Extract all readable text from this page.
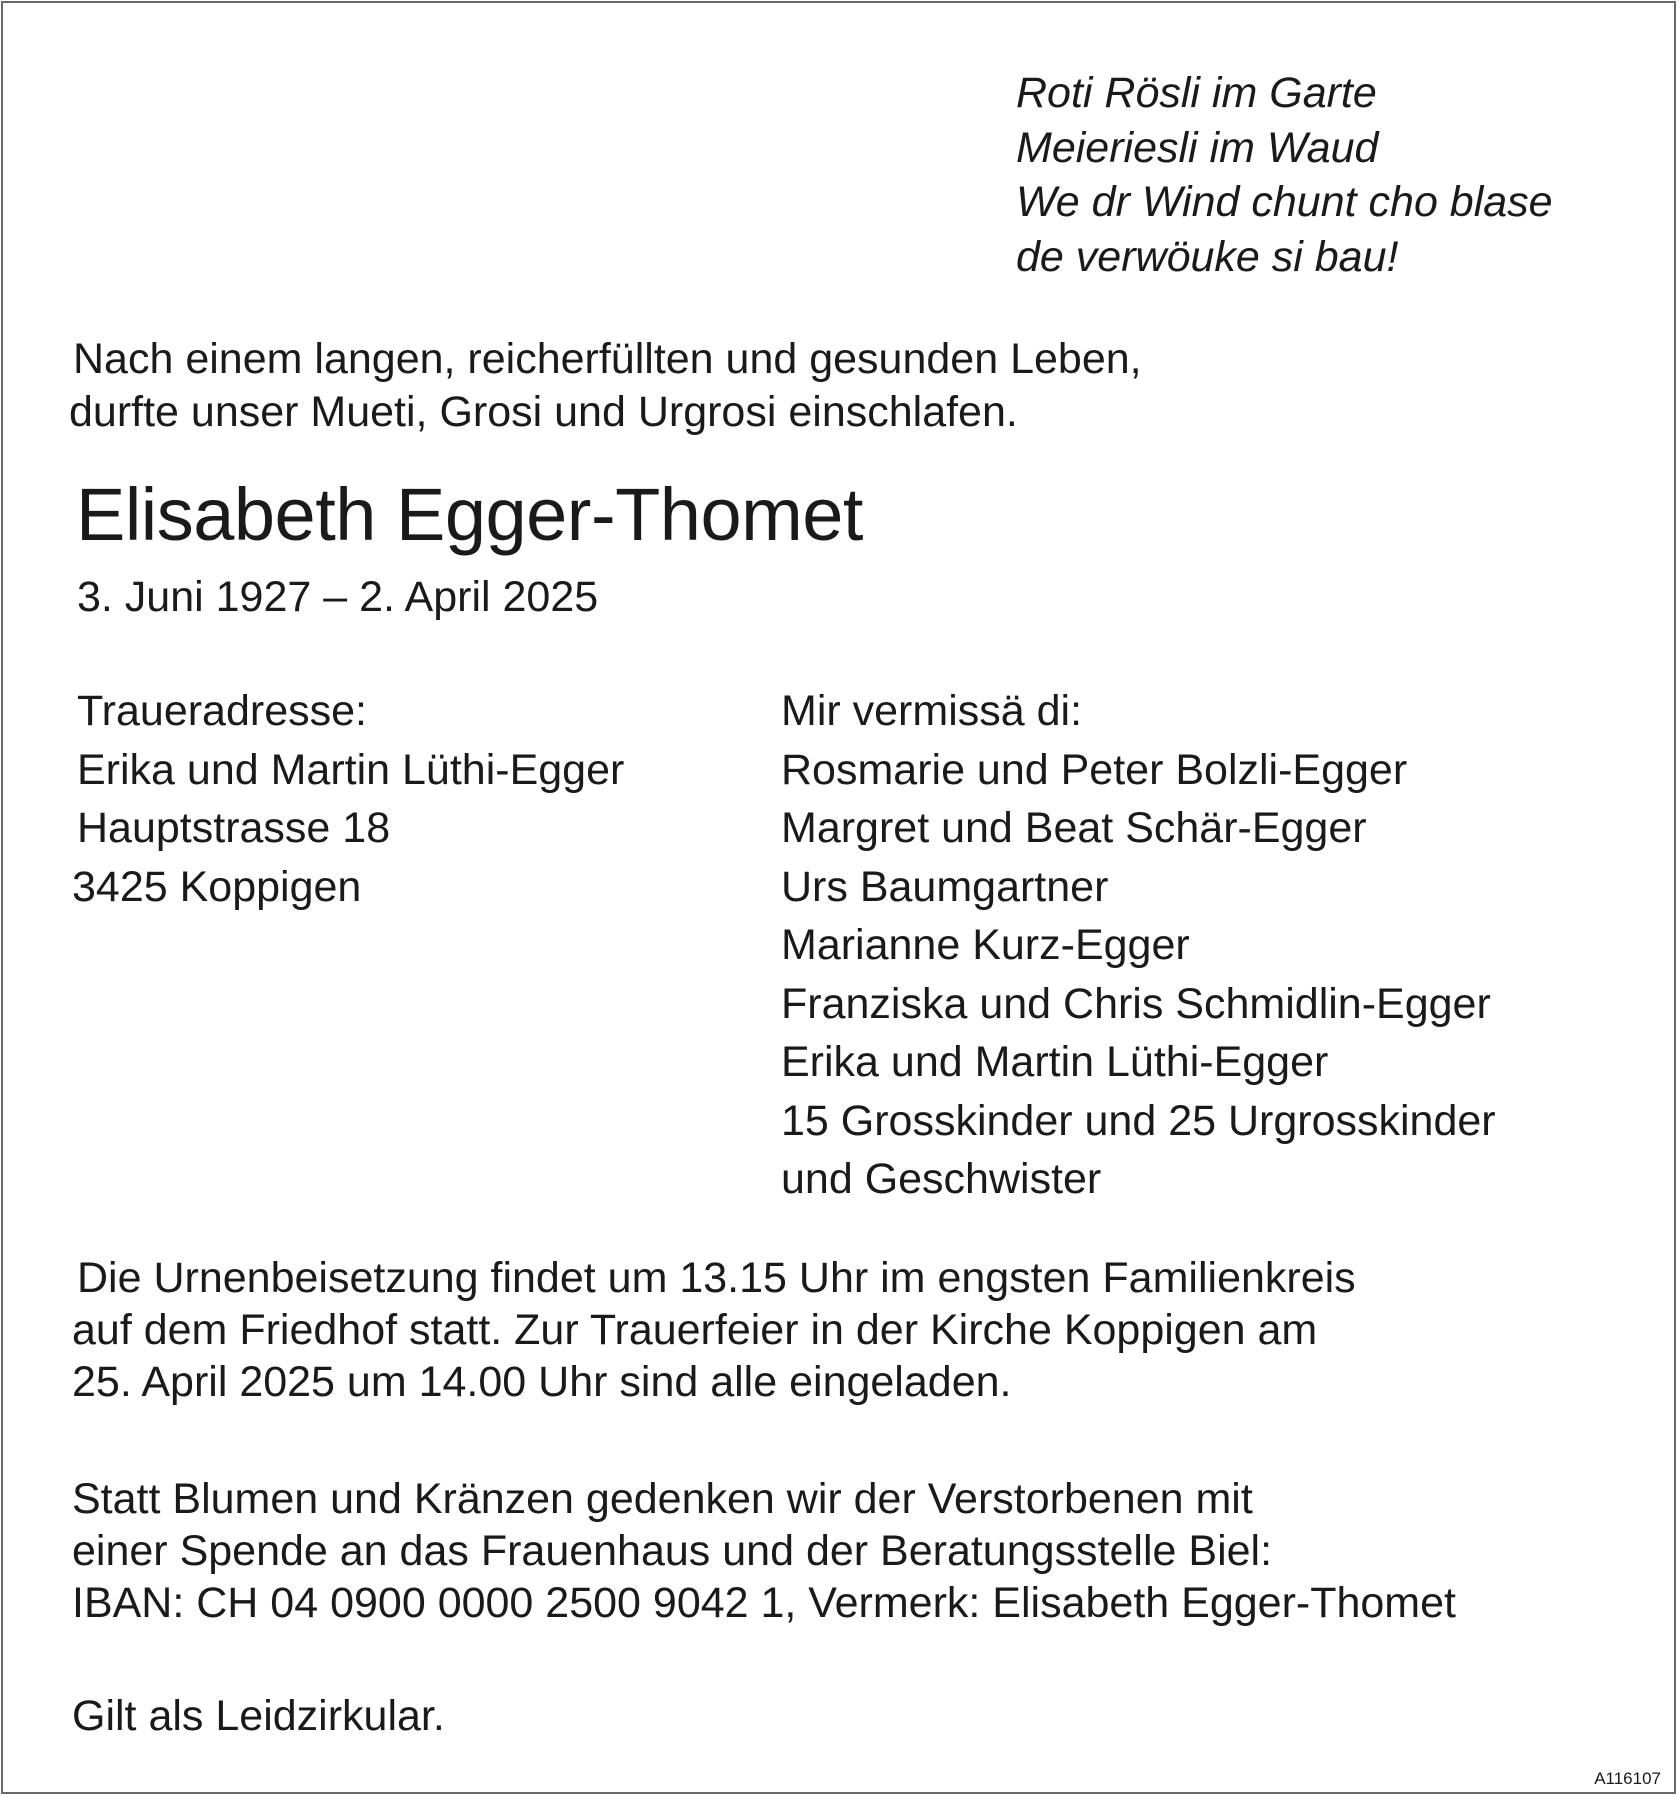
Roti Rösli im Garte
Meieriesli im Waud
We dr Wind chunt cho blase
de verwöuke si bau!
Nach einem langen, reicherfüllten und gesunden Leben,
durfte unser Mueti, Grosi und Urgrosi einschlafen.
Elisabeth Egger-Thomet
3. Juni 1927 – 2. April 2025
Traueradresse:
Erika und Martin Lüthi-Egger
Hauptstrasse 18
3425 Koppigen
Mir vermissä di:
Rosmarie und Peter Bolzli-Egger
Margret und Beat Schär-Egger
Urs Baumgartner
Marianne Kurz-Egger
Franziska und Chris Schmidlin-Egger
Erika und Martin Lüthi-Egger
15 Grosskinder und 25 Urgrosskinder
und Geschwister
Die Urnenbeisetzung findet um 13.15 Uhr im engsten Familienkreis
auf dem Friedhof statt. Zur Trauerfeier in der Kirche Koppigen am
25. April 2025 um 14.00 Uhr sind alle eingeladen.
Statt Blumen und Kränzen gedenken wir der Verstorbenen mit
einer Spende an das Frauenhaus und der Beratungsstelle Biel:
IBAN: CH 04 0900 0000 2500 9042 1, Vermerk: Elisabeth Egger-Thomet
Gilt als Leidzirkular.
A116107
